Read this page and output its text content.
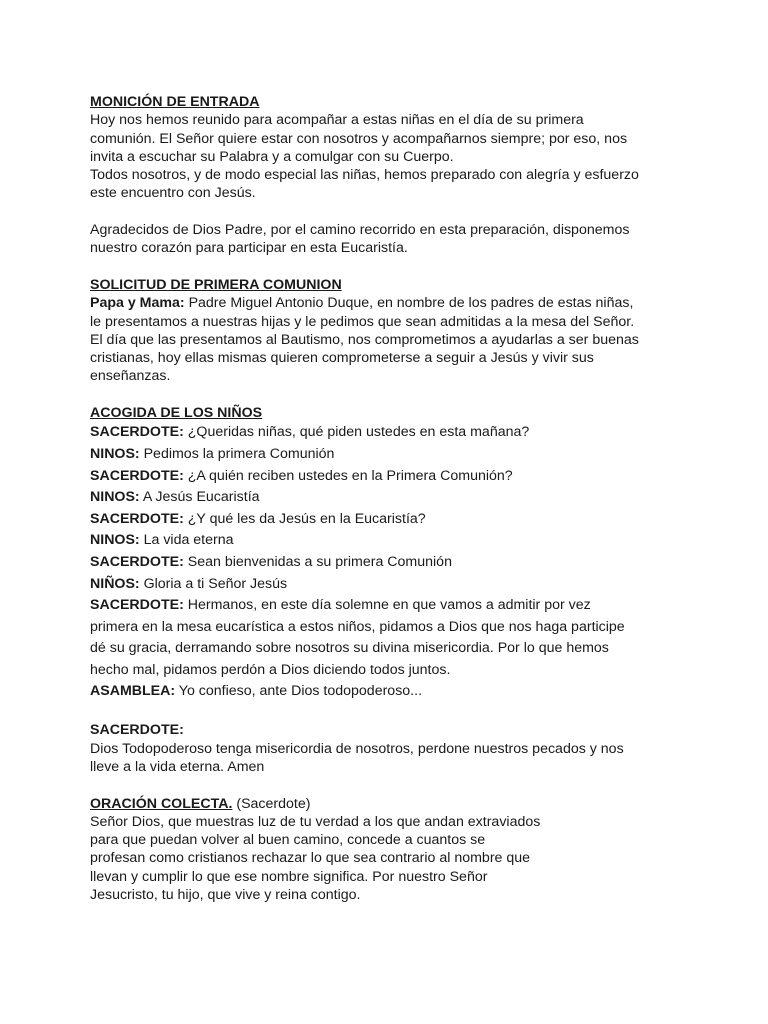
MONICIÓN DE ENTRADA
Hoy nos hemos reunido para acompañar a estas niñas en el día de su primera
comunión. El Señor quiere estar con nosotros y acompañarnos siempre; por eso, nos
invita a escuchar su Palabra y a comulgar con su Cuerpo.
Todos nosotros, y de modo especial las niñas, hemos preparado con alegría y esfuerzo
este encuentro con Jesús.
Agradecidos de Dios Padre, por el camino recorrido en esta preparación, disponemos
nuestro corazón para participar en esta Eucaristía.
SOLICITUD DE PRIMERA COMUNION
Papa y Mama: Padre Miguel Antonio Duque, en nombre de los padres de estas niñas,
le presentamos a nuestras hijas y le pedimos que sean admitidas a la mesa del Señor.
El día que las presentamos al Bautismo, nos comprometimos a ayudarlas a ser buenas
cristianas, hoy ellas mismas quieren comprometerse a seguir a Jesús y vivir sus
enseñanzas.
ACOGIDA DE LOS NIÑOS
SACERDOTE: ¿Queridas niñas, qué piden ustedes en esta mañana?
NINOS: Pedimos la primera Comunión
SACERDOTE: ¿A quién reciben ustedes en la Primera Comunión?
NINOS: A Jesús Eucaristía
SACERDOTE: ¿Y qué les da Jesús en la Eucaristía?
NINOS: La vida eterna
SACERDOTE: Sean bienvenidas a su primera Comunión
NIÑOS: Gloria a ti Señor Jesús
SACERDOTE: Hermanos, en este día solemne en que vamos a admitir por vez
primera en la mesa eucarística a estos niños, pidamos a Dios que nos haga participe
dé su gracia, derramando sobre nosotros su divina misericordia. Por lo que hemos
hecho mal, pidamos perdón a Dios diciendo todos juntos.
ASAMBLEA: Yo confieso, ante Dios todopoderoso...
SACERDOTE:
Dios Todopoderoso tenga misericordia de nosotros, perdone nuestros pecados y nos
lleve a la vida eterna. Amen
ORACIÓN COLECTA. (Sacerdote)
Señor Dios, que muestras luz de tu verdad a los que andan extraviados
para que puedan volver al buen camino, concede a cuantos se
profesan como cristianos rechazar lo que sea contrario al nombre que
llevan y cumplir lo que ese nombre significa. Por nuestro Señor
Jesucristo, tu hijo, que vive y reina contigo.
